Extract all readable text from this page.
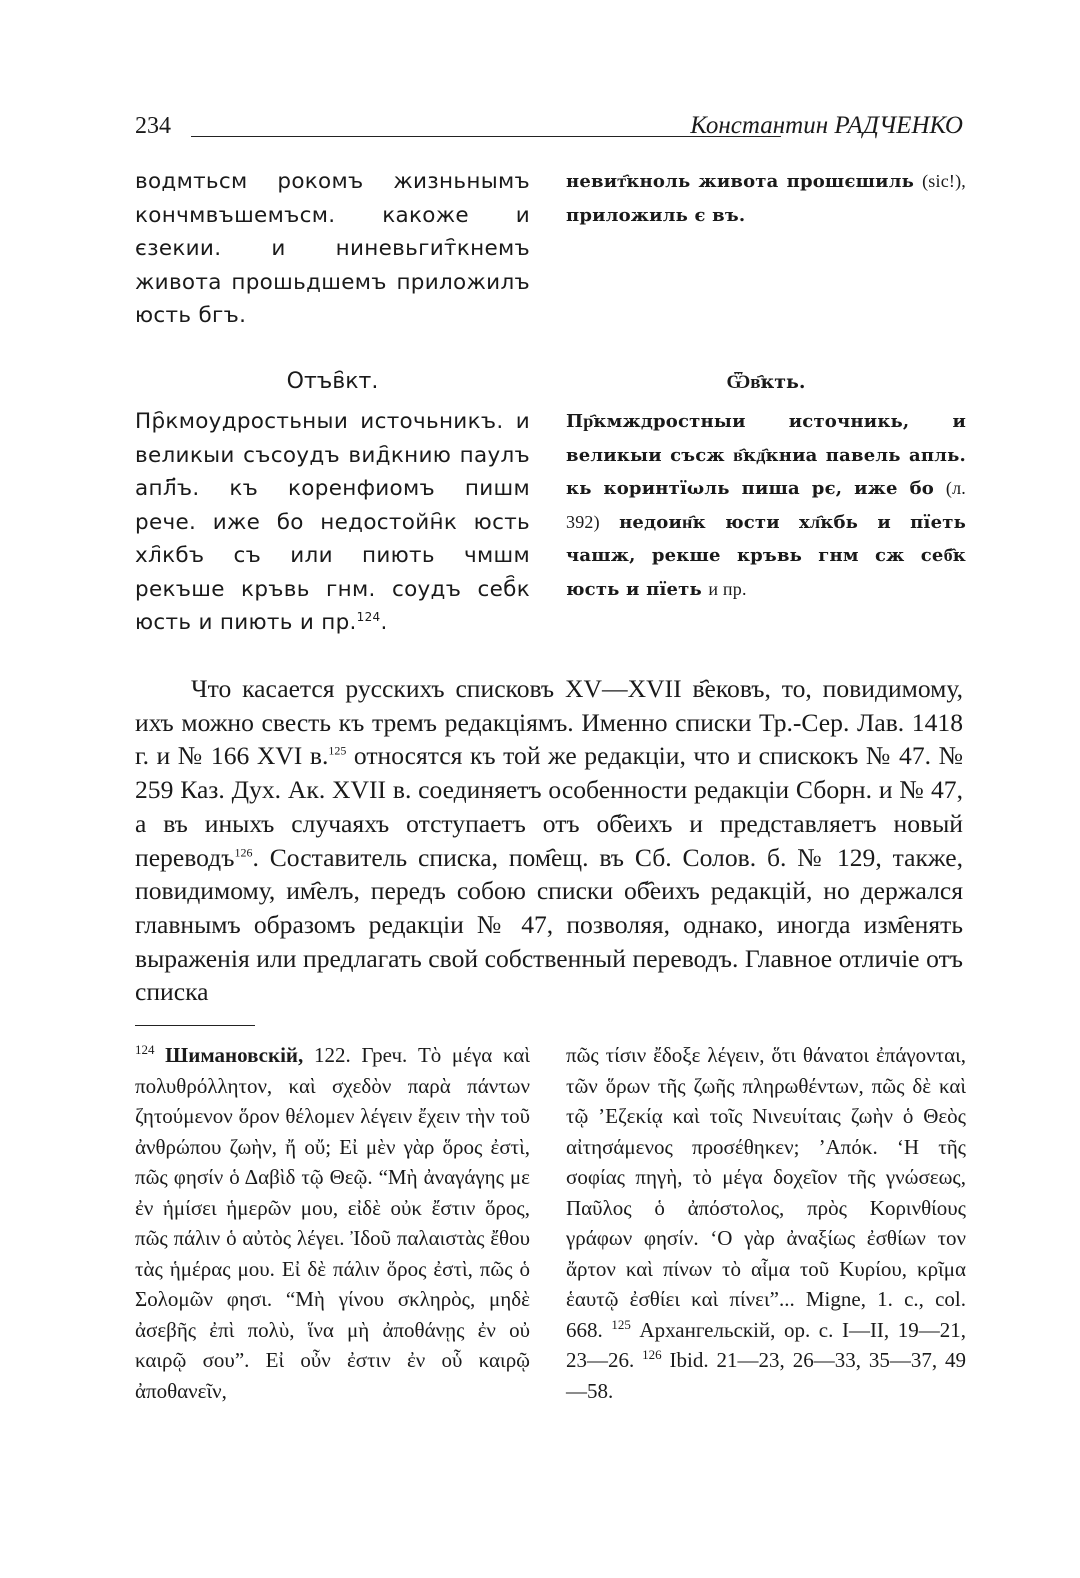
234	Константин РАДЧЕНКО

водмтьсм рокомъ жизньнымъ кончмвъшемъсм. какоже и єзекии. и ниневьгит҄кнемъ живота прошьдшемъ приложилъ юсть бгъ.

Отъв҄кт.

Пр҄кмоудростьныи источьникъ. и великыи съсоудъ вид҄книю паулъ апл҃ъ. къ коренфиомъ пишм рече. иже бо недостойн҄к юсть хл҄кбъ съ или пиють чмшм рекъше кръвь гнм. соудъ себ҄к юсть и пиють и пр.$^{124}$.

невит҄кноль живота прошєшиль (sic!), приложиль є въ.

Ѿв҄кть.

Пр҄кмждростныи источникь, и великыи съсж в҄кд҄книа павель апль. кь коринтїωль пиша рє, иже бо (л. 392) недоин҄к юсти хл҄кбь и пїеть чашж, рекше кръвь гнм сж себ҄к юсть и пїеть и пр.

Что касается русскихъ списковъ XV—XVII в҄ековъ, то, повидимому, ихъ можно свесть къ тремъ редакціямъ. Именно списки Тр.-Сер. Лав. 1418 г. и № 166 XVI в.$^{125}$ относятся къ той же редакціи, что и спискокъ № 47. № 259 Каз. Дух. Ак. XVII в. соединяетъ особенности редакціи Сборн. и № 47, а въ иныхъ случаяхъ отступаетъ отъ об҄еихъ и представляетъ новый переводъ$^{126}$. Составитель списка, пом҄ещ. въ Сб. Солов. б. № 129, также, повидимому, им҄елъ, передъ собою списки об҄еихъ редакцій, но держался главнымъ образомъ редакціи № 47, позволяя, однако, иногда изм҄енять выраженія или предлагать свой собственный переводъ. Главное отличіе отъ списка

$^{124}$ Шимановскій, 122. Греч. Τὸ μέγα καὶ πολυθρόλλητον, καὶ σχεδὸν παρὰ πάντων ζητούμενον ὅρον θέλομεν λέγειν ἔχειν τὴν τοῦ ἀνθρώπου ζωὴν, ἤ οὔ; Εἰ μὲν γὰρ ὅρος ἐστὶ, πῶς φησίν ὁ Δαβὶδ τῷ Θεῷ. “Μὴ ἀναγάγης με ἐν ἡμίσει ἡμερῶν μου, εἰδὲ οὐκ ἔστιν ὅρος, πῶς πάλιν ὁ αὐτὸς λέγει. Ἰδοῦ παλαιστὰς ἔθου τὰς ἡμέρας μου. Εἰ δὲ πάλιν ὅρος ἐστὶ, πῶς ὁ Σολομῶν φησι. “Μὴ γίνου σκληρὸς, μηδὲ ἀσεβῆς ἐπὶ πολὺ, ἵνα μὴ ἀποθάνῃς ἐν οὐ καιρῷ σου”. Εἰ οὖν ἐστιν ἐν οὗ καιρῷ ἀποθανεῖν,

πῶς τίσιν ἔδοξε λέγειν, ὅτι θάνατοι ἐπάγονται, τῶν ὅρων τῆς ζωῆς πληρωθέντων, πῶς δὲ καὶ τῷ ’Εζεκίᾳ καὶ τοῖς Νινευίταις ζωὴν ὁ Θεὸς αἰτησάμενος προσέθηκεν; ’Απόκ. ‘Η τῆς σοφίας πηγὴ, τὸ μέγα δοχεῖον τῆς γνώσεως, Παῦλος ὁ ἀπόστολος, πρὸς Κορινθίους γράφων φησίν. ‘Ο γὰρ ἀναξίως ἐσθίων τον ἄρτον καὶ πίνων τὸ αἷμα τοῦ Κυρίου, κρῖμα ἑαυτῷ ἐσθίει καὶ πίνει”... Migne, 1. c., col. 668. $^{125}$ Архангельскій, ор. с. I—II, 19—21, 23—26. $^{126}$ Ibid. 21—23, 26—33, 35—37, 49—58.
